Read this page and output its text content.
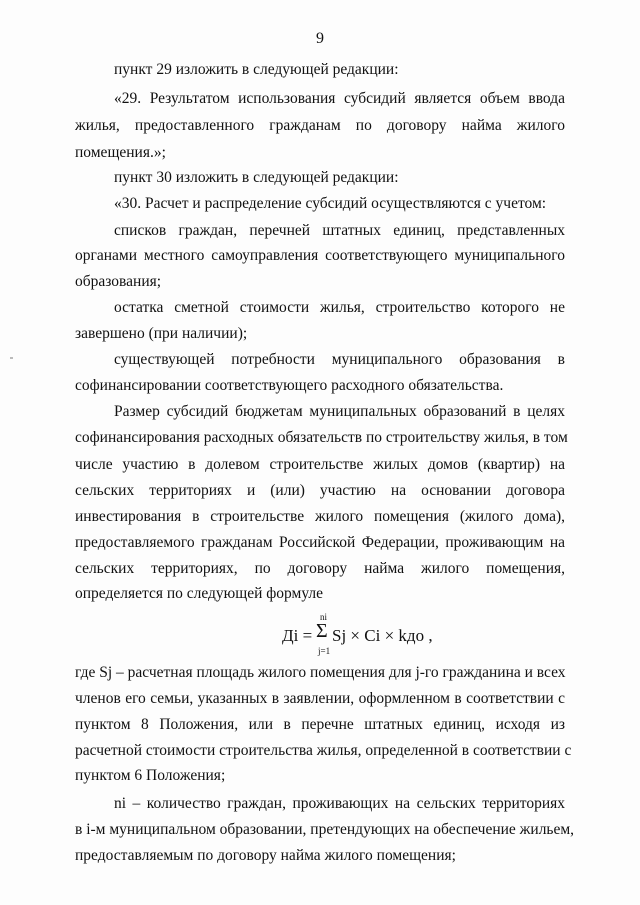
9
пункт 29 изложить в следующей редакции:
«29. Результатом использования субсидий является объем ввода
жилья, предоставленного гражданам по договору найма жилого
помещения.»;
пункт 30 изложить в следующей редакции:
«30. Расчет и распределение субсидий осуществляются с учетом:
списков граждан, перечней штатных единиц, представленных
органами местного самоуправления соответствующего муниципального
образования;
остатка сметной стоимости жилья, строительство которого не
завершено (при наличии);
существующей потребности муниципального образования в
софинансировании соответствующего расходного обязательства.
Размер субсидий бюджетам муниципальных образований в целях
софинансирования расходных обязательств по строительству жилья, в том
числе участию в долевом строительстве жилых домов (квартир) на
сельских территориях и (или) участию на основании договора
инвестирования в строительстве жилого помещения (жилого дома),
предоставляемого гражданам Российской Федерации, проживающим на
сельских территориях, по договору найма жилого помещения,
определяется по следующей формуле
Дi =
ni
Σ
j=1
Sj × Ci × kдо ,
где Sj – расчетная площадь жилого помещения для j-го гражданина и всех
членов его семьи, указанных в заявлении, оформленном в соответствии с
пунктом 8 Положения, или в перечне штатных единиц, исходя из
расчетной стоимости строительства жилья, определенной в соответствии с
пунктом 6 Положения;
ni – количество граждан, проживающих на сельских территориях
в i-м муниципальном образовании, претендующих на обеспечение жильем,
предоставляемым по договору найма жилого помещения;
